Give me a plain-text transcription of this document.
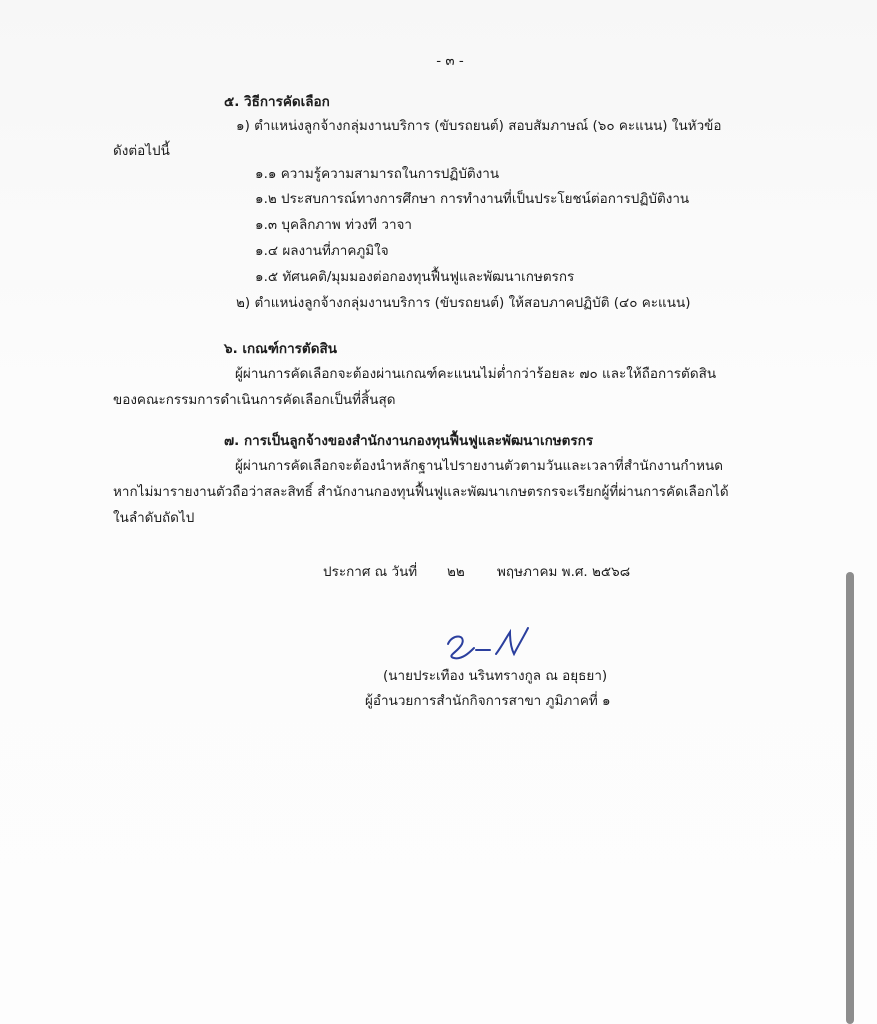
- ๓ -
๕. วิธีการคัดเลือก
๑) ตำแหน่งลูกจ้างกลุ่มงานบริการ (ขับรถยนต์) สอบสัมภาษณ์ (๖๐ คะแนน) ในหัวข้อ
ดังต่อไปนี้
๑.๑ ความรู้ความสามารถในการปฏิบัติงาน
๑.๒ ประสบการณ์ทางการศึกษา การทำงานที่เป็นประโยชน์ต่อการปฏิบัติงาน
๑.๓ บุคลิกภาพ ท่วงที วาจา
๑.๔ ผลงานที่ภาคภูมิใจ
๑.๕ ทัศนคติ/มุมมองต่อกองทุนฟื้นฟูและพัฒนาเกษตรกร
๒) ตำแหน่งลูกจ้างกลุ่มงานบริการ (ขับรถยนต์) ให้สอบภาคปฏิบัติ (๔๐ คะแนน)
๖. เกณฑ์การตัดสิน
ผู้ผ่านการคัดเลือกจะต้องผ่านเกณฑ์คะแนนไม่ต่ำกว่าร้อยละ ๗๐ และให้ถือการตัดสิน
ของคณะกรรมการดำเนินการคัดเลือกเป็นที่สิ้นสุด
๗. การเป็นลูกจ้างของสำนักงานกองทุนฟื้นฟูและพัฒนาเกษตรกร
ผู้ผ่านการคัดเลือกจะต้องนำหลักฐานไปรายงานตัวตามวันและเวลาที่สำนักงานกำหนด
หากไม่มารายงานตัวถือว่าสละสิทธิ์ สำนักงานกองทุนฟื้นฟูและพัฒนาเกษตรกรจะเรียกผู้ที่ผ่านการคัดเลือกได้
ในลำดับถัดไป
ประกาศ ณ วันที่ ๒๒ พฤษภาคม พ.ศ. ๒๕๖๘
(นายประเทือง นรินทรางกูล ณ อยุธยา)
ผู้อำนวยการสำนักกิจการสาขา ภูมิภาคที่ ๑
